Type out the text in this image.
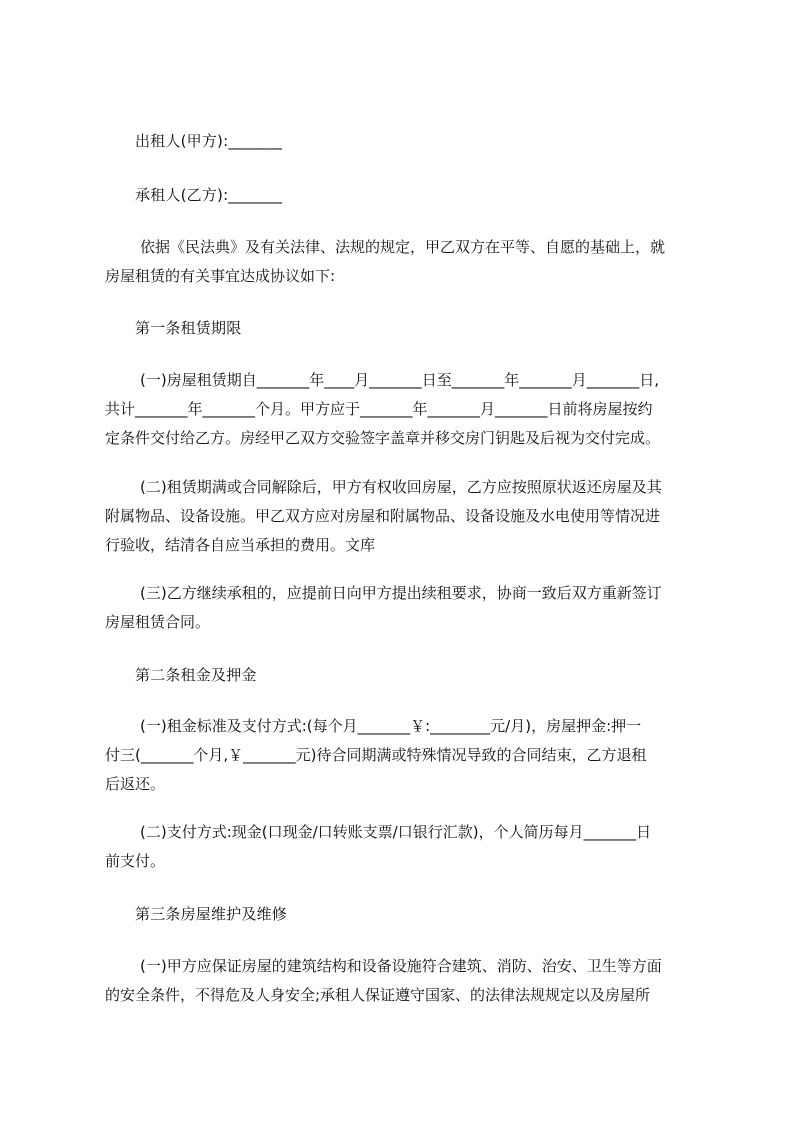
出租人(甲方):_______
承租人(乙方):_______
依据《民法典》及有关法律、法规的规定，甲乙双方在平等、自愿的基础上，就
房屋租赁的有关事宜达成协议如下:
第一条租赁期限
(一)房屋租赁期自_______年____月_______日至_______年_______月_______日,
共计_______年_______个月。甲方应于_______年_______月_______日前将房屋按约
定条件交付给乙方。房经甲乙双方交验签字盖章并移交房门钥匙及后视为交付完成。
(二)租赁期满或合同解除后，甲方有权收回房屋，乙方应按照原状返还房屋及其
附属物品、设备设施。甲乙双方应对房屋和附属物品、设备设施及水电使用等情况进
行验收，结清各自应当承担的费用。文库
(三)乙方继续承租的，应提前日向甲方提出续租要求，协商一致后双方重新签订
房屋租赁合同。
第二条租金及押金
(一)租金标准及支付方式:(每个月_______￥:________元/月)，房屋押金:押一
付三(_______个月,￥_______元)待合同期满或特殊情况导致的合同结束，乙方退租
后返还。
(二)支付方式:现金(口现金/口转账支票/口银行汇款)，个人简历每月_______日
前支付。
第三条房屋维护及维修
(一)甲方应保证房屋的建筑结构和设备设施符合建筑、消防、治安、卫生等方面
的安全条件，不得危及人身安全;承租人保证遵守国家、的法律法规规定以及房屋所
